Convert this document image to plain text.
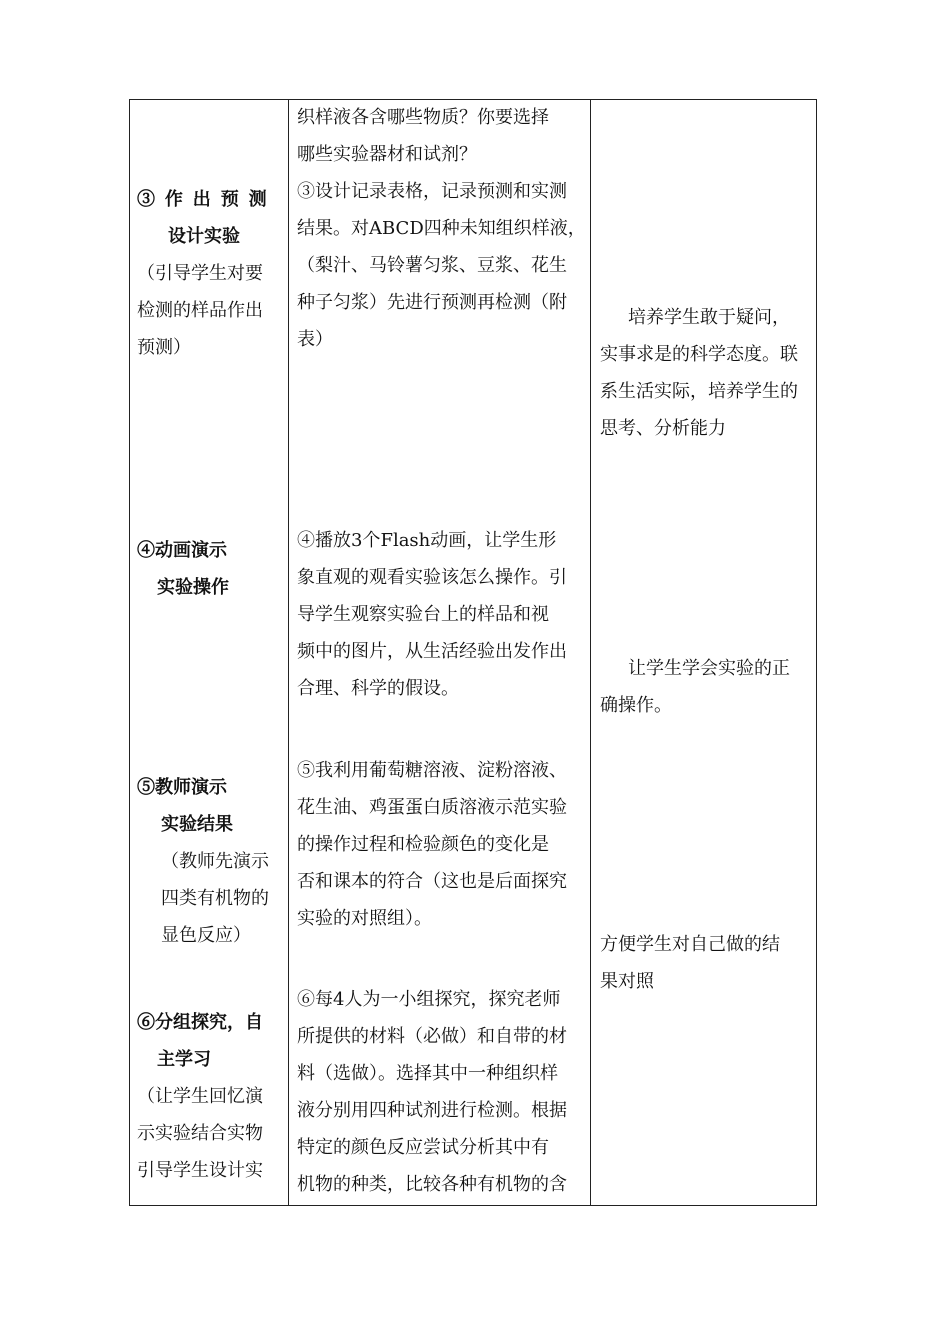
③作出预测
设计实验
（引导学生对要
检测的样品作出
预测）
织样液各含哪些物质？你要选择
哪些实验器材和试剂？
③设计记录表格，记录预测和实测
结果。对ABCD四种未知组织样液，
（梨汁、马铃薯匀浆、豆浆、花生
种子匀浆）先进行预测再检测（附
表）
培养学生敢于疑问，
实事求是的科学态度。联
系生活实际，培养学生的
思考、分析能力
④动画演示
实验操作
④播放3个Flash动画，让学生形
象直观的观看实验该怎么操作。引
导学生观察实验台上的样品和视
频中的图片，从生活经验出发作出
合理、科学的假设。
让学生学会实验的正
确操作。
⑤教师演示
实验结果
（教师先演示
四类有机物的
显色反应）
⑤我利用葡萄糖溶液、淀粉溶液、
花生油、鸡蛋蛋白质溶液示范实验
的操作过程和检验颜色的变化是
否和课本的符合（这也是后面探究
实验的对照组）。
方便学生对自己做的结
果对照
⑥分组探究，自
主学习
（让学生回忆演
示实验结合实物
引导学生设计实
⑥每4人为一小组探究，探究老师
所提供的材料（必做）和自带的材
料（选做）。选择其中一种组织样
液分别用四种试剂进行检测。根据
特定的颜色反应尝试分析其中有
机物的种类，比较各种有机物的含
